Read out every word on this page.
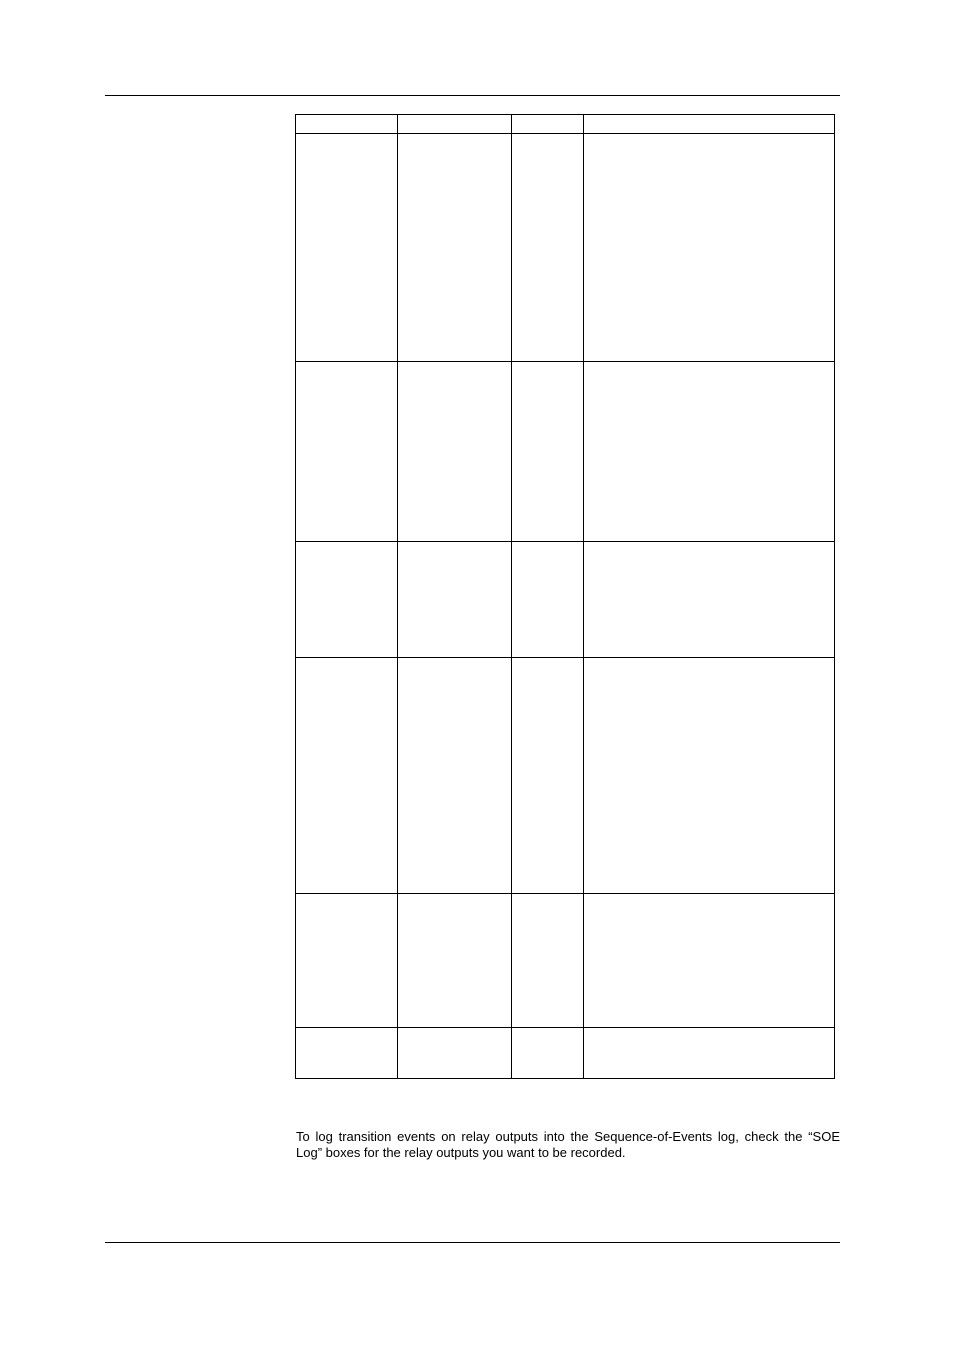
To log transition events on relay outputs into the Sequence-of-Events log, check the “SOE Log” boxes for the relay outputs you want to be recorded.
